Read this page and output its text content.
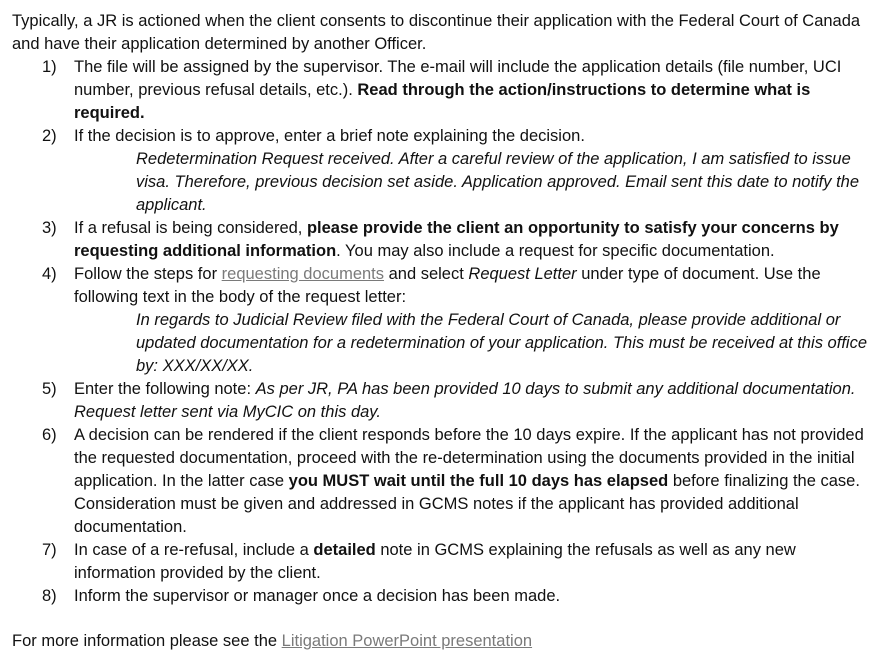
Typically, a JR is actioned when the client consents to discontinue their application with the Federal Court of Canada and have their application determined by another Officer.

1) The file will be assigned by the supervisor. The e-mail will include the application details (file number, UCI number, previous refusal details, etc.). Read through the action/instructions to determine what is required.
2) If the decision is to approve, enter a brief note explaining the decision.
Redetermination Request received. After a careful review of the application, I am satisfied to issue visa. Therefore, previous decision set aside. Application approved. Email sent this date to notify the applicant.
3) If a refusal is being considered, please provide the client an opportunity to satisfy your concerns by requesting additional information. You may also include a request for specific documentation.
4) Follow the steps for requesting documents and select Request Letter under type of document. Use the following text in the body of the request letter:
In regards to Judicial Review filed with the Federal Court of Canada, please provide additional or updated documentation for a redetermination of your application. This must be received at this office by: XXX/XX/XX.
5) Enter the following note: As per JR, PA has been provided 10 days to submit any additional documentation. Request letter sent via MyCIC on this day.
6) A decision can be rendered if the client responds before the 10 days expire. If the applicant has not provided the requested documentation, proceed with the re-determination using the documents provided in the initial application. In the latter case you MUST wait until the full 10 days has elapsed before finalizing the case. Consideration must be given and addressed in GCMS notes if the applicant has provided additional documentation.
7) In case of a re-refusal, include a detailed note in GCMS explaining the refusals as well as any new information provided by the client.
8) Inform the supervisor or manager once a decision has been made.

For more information please see the Litigation PowerPoint presentation
